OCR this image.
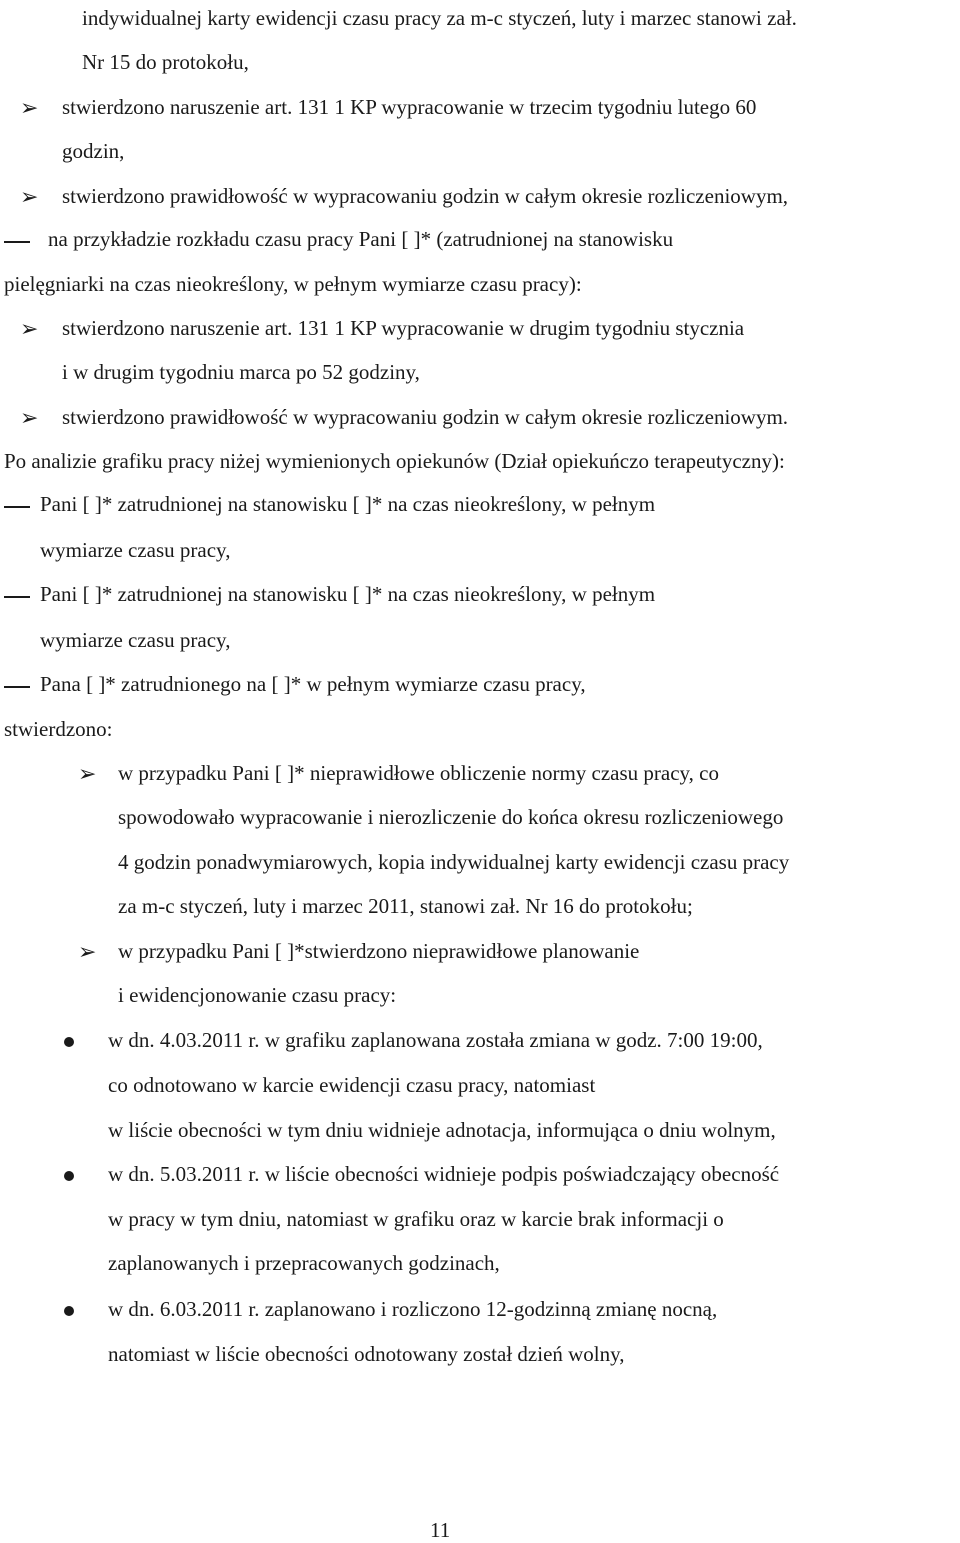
indywidualnej karty ewidencji czasu pracy za m-c styczeń, luty i marzec stanowi zał.
Nr 15 do protokołu,
➢ stwierdzono naruszenie art. 131 1 KP wypracowanie w trzecim tygodniu lutego 60
godzin,
➢ stwierdzono prawidłowość w wypracowaniu godzin w całym okresie rozliczeniowym,
na przykładzie rozkładu czasu pracy Pani [ ]* (zatrudnionej na stanowisku
pielęgniarki na czas nieokreślony, w pełnym wymiarze czasu pracy):
➢ stwierdzono naruszenie art. 131 1 KP wypracowanie w drugim tygodniu stycznia
i w drugim tygodniu marca po 52 godziny,
➢ stwierdzono prawidłowość w wypracowaniu godzin w całym okresie rozliczeniowym.
Po analizie grafiku pracy niżej wymienionych opiekunów (Dział opiekuńczo terapeutyczny):
Pani [ ]* zatrudnionej na stanowisku [ ]* na czas nieokreślony, w pełnym
wymiarze czasu pracy,
Pani [ ]* zatrudnionej na stanowisku [ ]* na czas nieokreślony, w pełnym
wymiarze czasu pracy,
Pana [ ]* zatrudnionego na [ ]* w pełnym wymiarze czasu pracy,
stwierdzono:
➢ w przypadku Pani [ ]* nieprawidłowe obliczenie normy czasu pracy, co
spowodowało wypracowanie i nierozliczenie do końca okresu rozliczeniowego
4 godzin ponadwymiarowych, kopia indywidualnej karty ewidencji czasu pracy
za m-c styczeń, luty i marzec 2011, stanowi zał. Nr 16 do protokołu;
➢ w przypadku Pani [ ]*stwierdzono nieprawidłowe planowanie
i ewidencjonowanie czasu pracy:
w dn. 4.03.2011 r. w grafiku zaplanowana została zmiana w godz. 7:00 19:00,
co odnotowano w karcie ewidencji czasu pracy, natomiast
w liście obecności w tym dniu widnieje adnotacja, informująca o dniu wolnym,
w dn. 5.03.2011 r. w liście obecności widnieje podpis poświadczający obecność
w pracy w tym dniu, natomiast w grafiku oraz w karcie brak informacji o
zaplanowanych i przepracowanych godzinach,
w dn. 6.03.2011 r. zaplanowano i rozliczono 12-godzinną zmianę nocną,
natomiast w liście obecności odnotowany został dzień wolny,
11
